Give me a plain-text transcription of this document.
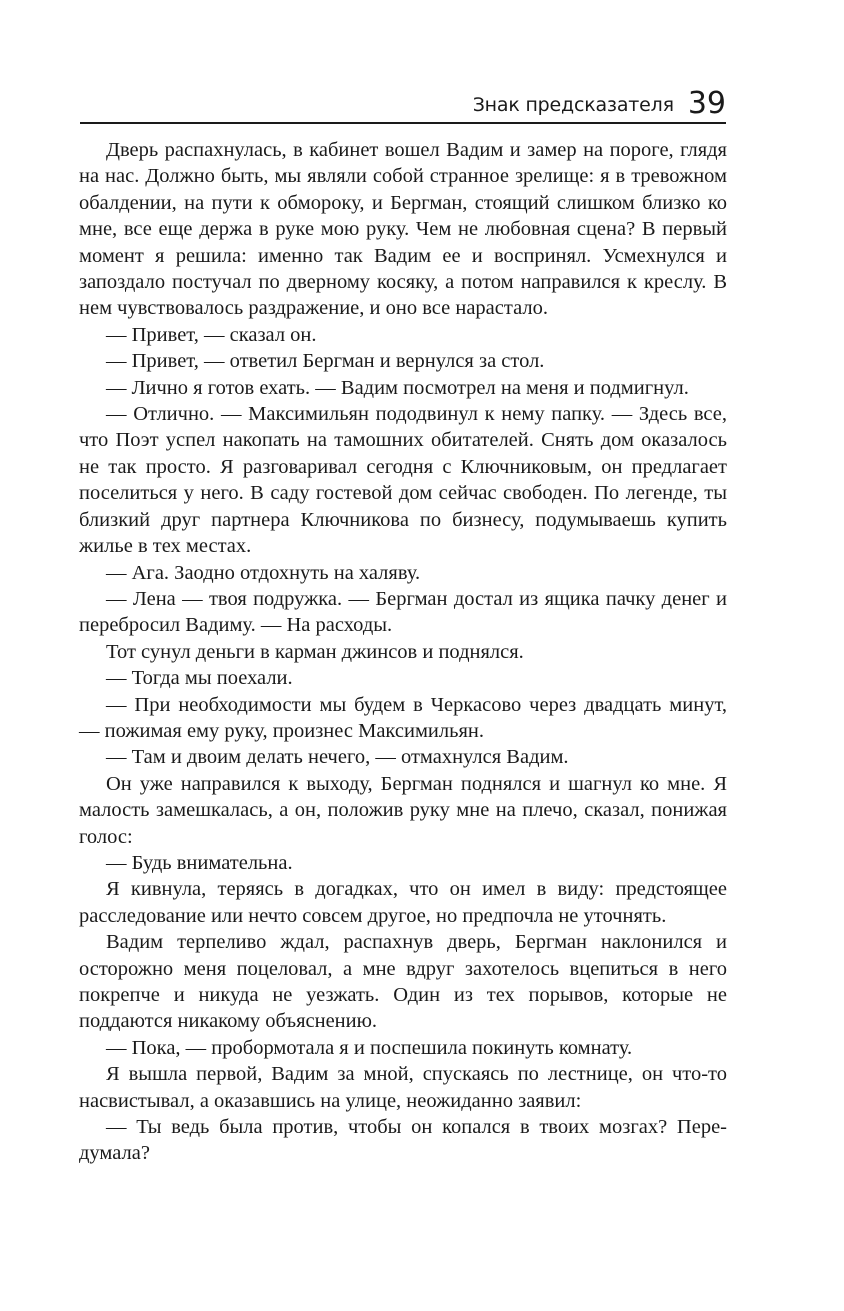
Знак предсказателя 39

Дверь распахнулась, в кабинет вошел Вадим и замер на пороге, глядя на нас. Должно быть, мы являли собой странное зрелище: я в тревожном обалдении, на пути к обмороку, и Бергман, стоящий слишком близко ко мне, все еще держа в руке мою руку. Чем не любовная сцена? В первый момент я решила: именно так Вадим ее и воспринял. Усмехнулся и запоздало постучал по дверному косяку, а потом направился к креслу. В нем чувствовалось раздражение, и оно все нарастало.

— Привет, — сказал он.

— Привет, — ответил Бергман и вернулся за стол.

— Лично я готов ехать. — Вадим посмотрел на меня и подмигнул.

— Отлично. — Максимильян пододвинул к нему папку. — Здесь все, что Поэт успел накопать на тамошних обитателей. Снять дом оказалось не так просто. Я разговаривал сегодня с Ключниковым, он предлагает поселиться у него. В саду гостевой дом сейчас свободен. По легенде, ты близкий друг партнера Ключникова по бизнесу, подумываешь купить жилье в тех местах.

— Ага. Заодно отдохнуть на халяву.

— Лена — твоя подружка. — Бергман достал из ящика пачку денег и перебросил Вадиму. — На расходы.

Тот сунул деньги в карман джинсов и поднялся.

— Тогда мы поехали.

— При необходимости мы будем в Черкасово через двадцать минут, — пожимая ему руку, произнес Максимильян.

— Там и двоим делать нечего, — отмахнулся Вадим.

Он уже направился к выходу, Бергман поднялся и шагнул ко мне. Я малость замешкалась, а он, положив руку мне на плечо, сказал, понижая голос:

— Будь внимательна.

Я кивнула, теряясь в догадках, что он имел в виду: предстоящее расследование или нечто совсем другое, но предпочла не уточнять.

Вадим терпеливо ждал, распахнув дверь, Бергман наклонился и осторожно меня поцеловал, а мне вдруг захотелось вцепиться в него покрепче и никуда не уезжать. Один из тех порывов, которые не поддаются никакому объяснению.

— Пока, — пробормотала я и поспешила покинуть комнату.

Я вышла первой, Вадим за мной, спускаясь по лестнице, он что-то насвистывал, а оказавшись на улице, неожиданно заявил:

— Ты ведь была против, чтобы он копался в твоих мозгах? Передумала?
